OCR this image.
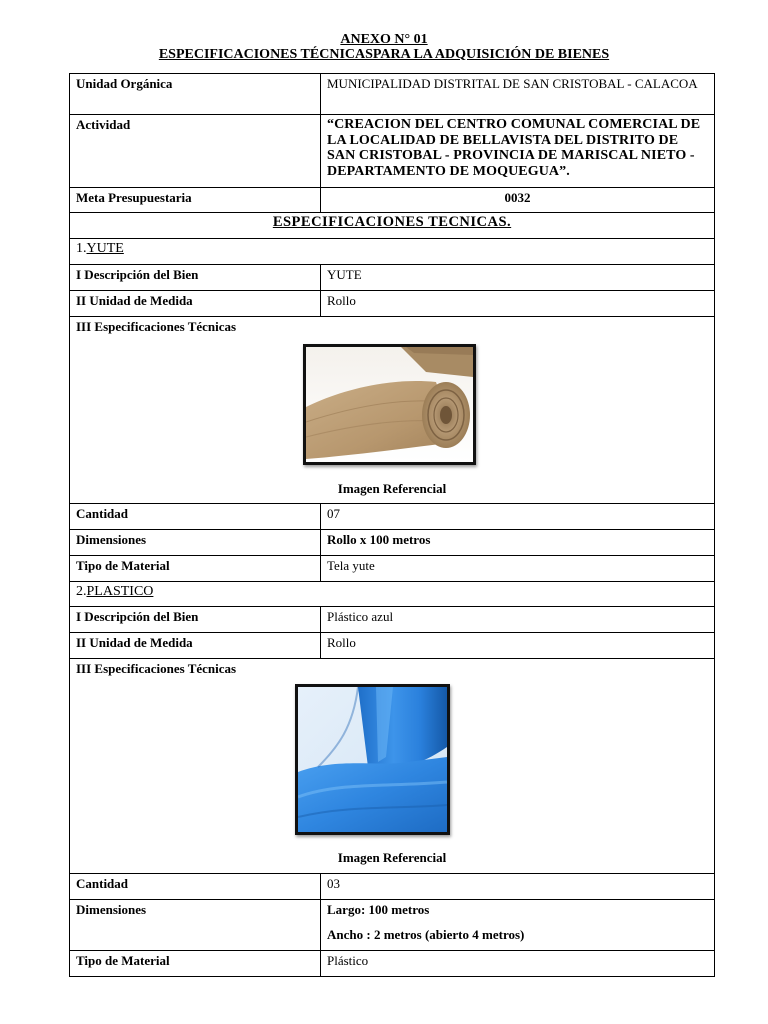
ANEXO N° 01
ESPECIFICACIONES TÉCNICASPARA LA ADQUISICIÓN DE BIENES
Unidad Orgánica	MUNICIPALIDAD DISTRITAL DE SAN CRISTOBAL - CALACOA
Actividad	“CREACION DEL CENTRO COMUNAL COMERCIAL DE LA LOCALIDAD DE BELLAVISTA DEL DISTRITO DE SAN CRISTOBAL - PROVINCIA DE MARISCAL NIETO - DEPARTAMENTO DE MOQUEGUA”.
Meta Presupuestaria	0032
ESPECIFICACIONES TECNICAS.	
1.YUTE	
I Descripción del Bien	YUTE
II Unidad de Medida	Rollo

III Especificaciones Técnicas
Imagen Referencial	

Cantidad	07
Dimensiones	Rollo x 100 metros
Tipo de Material	Tela yute
2.PLASTICO	
I Descripción del Bien	Plástico azul
II Unidad de Medida	Rollo

III Especificaciones Técnicas
Imagen Referencial	

Cantidad	03
Dimensiones	Largo: 100 metros
Ancho : 2 metros (abierto 4 metros)

Tipo de Material	Plástico
